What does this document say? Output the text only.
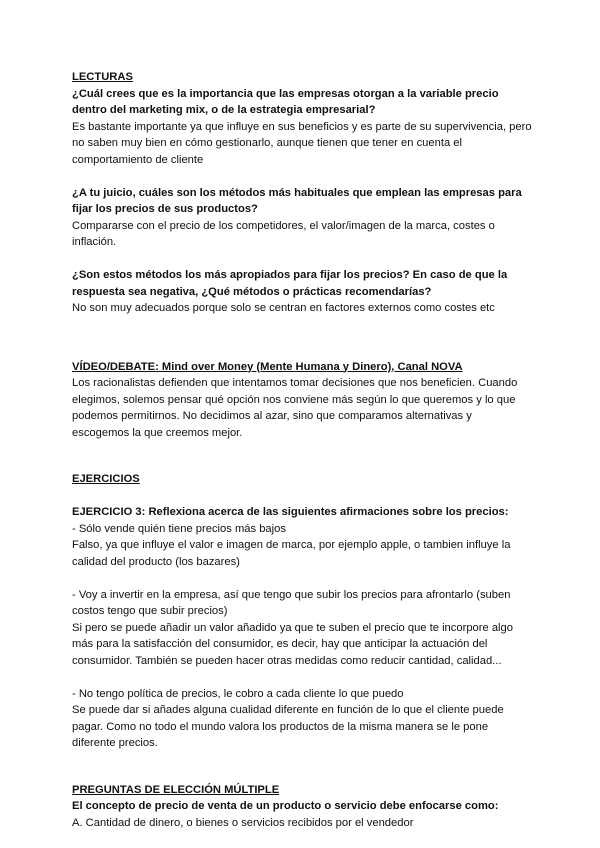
LECTURAS

¿Cuál crees que es la importancia que las empresas otorgan a la variable precio dentro del marketing mix, o de la estrategia empresarial?

Es bastante importante ya que influye en sus beneficios y es parte de su supervivencia, pero no saben muy bien en cómo gestionarlo, aunque tienen que tener en cuenta el comportamiento de cliente

¿A tu juicio, cuáles son los métodos más habituales que emplean las empresas para fijar los precios de sus productos?

Compararse con el precio de los competidores, el valor/imagen de la marca, costes o inflación.

¿Son estos métodos los más apropiados para fijar los precios? En caso de que la respuesta sea negativa, ¿Qué métodos o prácticas recomendarías?

No son muy adecuados porque solo se centran en factores externos como costes etc

VÍDEO/DEBATE: Mind over Money (Mente Humana y Dinero), Canal NOVA

Los racionalistas defienden que intentamos tomar decisiones que nos beneficien. Cuando elegimos, solemos pensar qué opción nos conviene más según lo que queremos y lo que podemos permitirnos. No decidimos al azar, sino que comparamos alternativas y escogemos la que creemos mejor.

EJERCICIOS

EJERCICIO 3: Reflexiona acerca de las siguientes afirmaciones sobre los precios:

- Sólo vende quién tiene precios más bajos

Falso, ya que influye el valor e imagen de marca, por ejemplo apple, o tambien influye la calidad del producto (los bazares)

- Voy a invertir en la empresa, así que tengo que subir los precios para afrontarlo (suben costos tengo que subir precios)

Si pero se puede añadir un valor añadido ya que te suben el precio que te incorpore algo más para la satisfacción del consumidor, es decir, hay que anticipar la actuación del consumidor. También se pueden hacer otras medidas como reducir cantidad, calidad...

- No tengo política de precios, le cobro a cada cliente lo que puedo

Se puede dar si añades alguna cualidad diferente en función de lo que el cliente puede pagar. Como no todo el mundo valora los productos de la misma manera se le pone diferente precios.

PREGUNTAS DE ELECCIÓN MÚLTIPLE

El concepto de precio de venta de un producto o servicio debe enfocarse como:

A. Cantidad de dinero, o bienes o servicios recibidos por el vendedor
